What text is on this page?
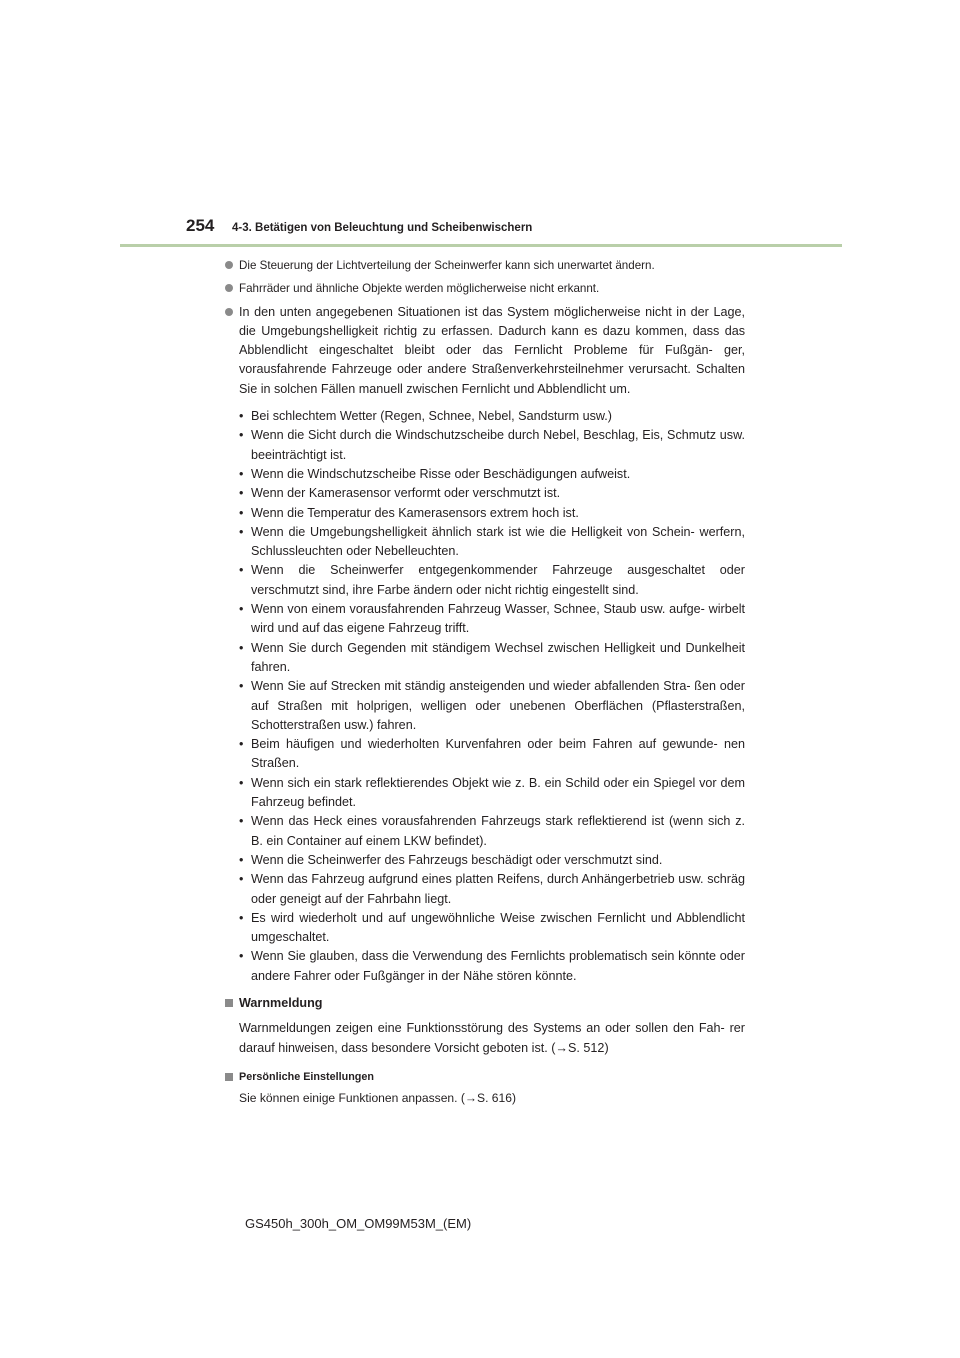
254 4-3. Betätigen von Beleuchtung und Scheibenwischern
Die Steuerung der Lichtverteilung der Scheinwerfer kann sich unerwartet ändern.
Fahrräder und ähnliche Objekte werden möglicherweise nicht erkannt.
In den unten angegebenen Situationen ist das System möglicherweise nicht in der Lage, die Umgebungshelligkeit richtig zu erfassen. Dadurch kann es dazu kommen, dass das Abblendlicht eingeschaltet bleibt oder das Fernlicht Probleme für Fußgän- ger, vorausfahrende Fahrzeuge oder andere Straßenverkehrsteilnehmer verursacht. Schalten Sie in solchen Fällen manuell zwischen Fernlicht und Abblendlicht um.
• Bei schlechtem Wetter (Regen, Schnee, Nebel, Sandsturm usw.)
• Wenn die Sicht durch die Windschutzscheibe durch Nebel, Beschlag, Eis, Schmutz usw. beeinträchtigt ist.
• Wenn die Windschutzscheibe Risse oder Beschädigungen aufweist.
• Wenn der Kamerasensor verformt oder verschmutzt ist.
• Wenn die Temperatur des Kamerasensors extrem hoch ist.
• Wenn die Umgebungshelligkeit ähnlich stark ist wie die Helligkeit von Schein- werfern, Schlussleuchten oder Nebelleuchten.
• Wenn die Scheinwerfer entgegenkommender Fahrzeuge ausgeschaltet oder verschmutzt sind, ihre Farbe ändern oder nicht richtig eingestellt sind.
• Wenn von einem vorausfahrenden Fahrzeug Wasser, Schnee, Staub usw. aufge- wirbelt wird und auf das eigene Fahrzeug trifft.
• Wenn Sie durch Gegenden mit ständigem Wechsel zwischen Helligkeit und Dunkelheit fahren.
• Wenn Sie auf Strecken mit ständig ansteigenden und wieder abfallenden Stra- ßen oder auf Straßen mit holprigen, welligen oder unebenen Oberflächen (Pflasterstraßen, Schotterstraßen usw.) fahren.
• Beim häufigen und wiederholten Kurvenfahren oder beim Fahren auf gewunde- nen Straßen.
• Wenn sich ein stark reflektierendes Objekt wie z. B. ein Schild oder ein Spiegel vor dem Fahrzeug befindet.
• Wenn das Heck eines vorausfahrenden Fahrzeugs stark reflektierend ist (wenn sich z. B. ein Container auf einem LKW befindet).
• Wenn die Scheinwerfer des Fahrzeugs beschädigt oder verschmutzt sind.
• Wenn das Fahrzeug aufgrund eines platten Reifens, durch Anhängerbetrieb usw. schräg oder geneigt auf der Fahrbahn liegt.
• Es wird wiederholt und auf ungewöhnliche Weise zwischen Fernlicht und Abblendlicht umgeschaltet.
• Wenn Sie glauben, dass die Verwendung des Fernlichts problematisch sein könnte oder andere Fahrer oder Fußgänger in der Nähe stören könnte.
Warnmeldung
Warnmeldungen zeigen eine Funktionsstörung des Systems an oder sollen den Fah- rer darauf hinweisen, dass besondere Vorsicht geboten ist. (→S. 512)
Persönliche Einstellungen
Sie können einige Funktionen anpassen. (→S. 616)
GS450h_300h_OM_OM99M53M_(EM)
